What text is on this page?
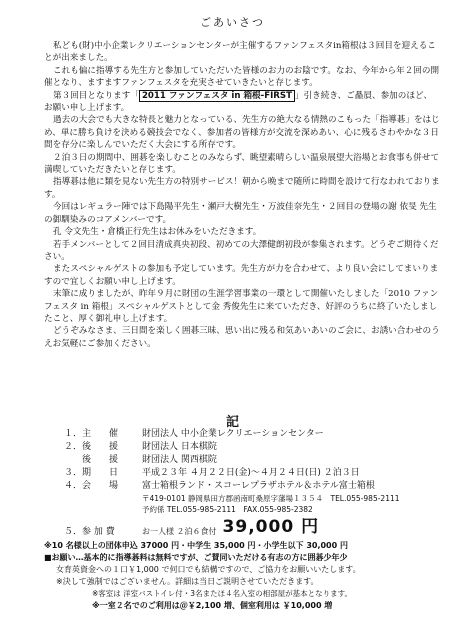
ごあいさつ

私ども(財)中小企業レクリエーションセンターが主催するファンフェスタin箱根は３回目を迎えることが出来ました。

これも偏に指導する先生方と参加していただいた皆様のお力のお陰です。なお、今年から年２回の開催となり、ますますファンフェスタを充実させていきたいと存じます。

第３回目となります「 2011 ファンフェスタ in 箱根-FIRST 」引き続き、ご贔屓、参加のほど、お願い申し上げます。

過去の大会でも大きな特長と魅力となっている、先生方の絶大なる情熱のこもった「指導碁」をはじめ、単に勝ち負けを決める競技会でなく、参加者の皆様方が交流を深めあい、心に残るさわやかな３日間を存分に楽しんでいただく大会にする所存です。

２泊３日の期間中、囲碁を楽しむことのみならず、眺望素晴らしい温泉展望大浴場とお食事も併せて満喫していただきたいと存じます。

指導碁は他に類を見ない先生方の特別サービス！朝から晩まで随所に時間を設けて行なわれております。

今回はレギュラー陣では下島陽平先生・瀬戸大樹先生・万波佳奈先生・２回目の登場の謝 依旻 先生の御馴染みのコアメンバーです。

孔 令文先生・倉橋正行先生はお休みをいただきます。

若手メンバーとして２回目清成真央初段、初めての大澤健朗初段が参集されます。どうぞご期待ください。

またスペシャルゲストの参加も予定しています。先生方が力を合わせて、より良い会にしてまいりますので宜しくお願い申し上げます。

末筆に成りましたが、昨年９月に財団の生涯学習事業の一環として開催いたしました「2010 ファンフェスタ in 箱根」スペシャルゲストとして金 秀俊先生に来ていただき、好評のうちに終了いたしましたこと、厚く御礼申し上げます。

どうぞみなさま、三日間を楽しく囲碁三昧、思い出に残る和気あいあいのご会に、お誘い合わせのうえお気軽にご参加ください。

記
１．主　　催	財団法人 中小企業レクリエーションセンター
２．後　　援	財団法人 日本棋院
　　後　　援	財団法人 関西棋院
３．期　　日	平成２３年 ４月２２日(金)～４月２４日(日) ２泊３日
４．会　　場	富士箱根ランド・スコーレプラザホテル＆ホテル富士箱根
〒419-0101 静岡県田方郡函南町桑原字藩場１３５４　TEL.055-985-2111
予約係 TEL.055-985-2111　FAX.055-985-2382
５．参 加 費	お一人様 ２泊６食付 39,000 円
※10 名様以上の団体申込 37000 円・中学生 35,000 円・小学生以下 30,000 円
■お願い…基本的に指導碁料は無料ですが、ご賛同いただける有志の方に囲碁少年少
女育英資金への１口￥1,000 で何口でも結構ですので、ご協力をお願いいたします。
※決して強制ではございません。詳細は当日ご説明させていただきます。
※客室は 洋室バストイレ付・3名またほ４名入室の相部屋が基本となります。
※一室２名でのご利用は＠￥2,100 増、個室利用は ￥10,000 増
